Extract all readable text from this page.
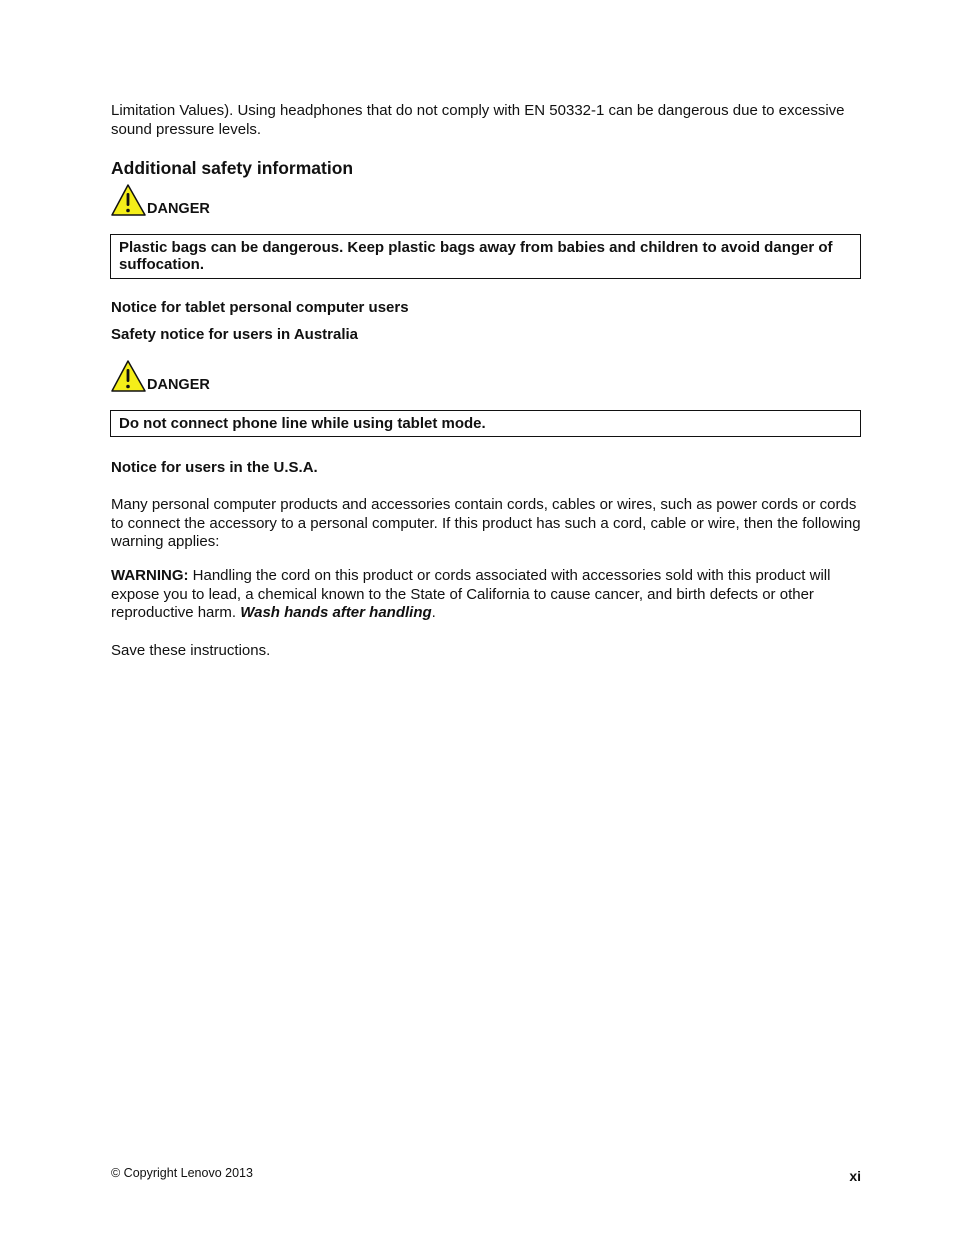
Limitation Values). Using headphones that do not comply with EN 50332-1 can be dangerous due to excessive sound pressure levels.

Additional safety information
DANGER
Plastic bags can be dangerous. Keep plastic bags away from babies and children to avoid danger of suffocation.
Notice for tablet personal computer users
Safety notice for users in Australia
DANGER
Do not connect phone line while using tablet mode.
Notice for users in the U.S.A.

Many personal computer products and accessories contain cords, cables or wires, such as power cords or cords to connect the accessory to a personal computer. If this product has such a cord, cable or wire, then the following warning applies:

WARNING: Handling the cord on this product or cords associated with accessories sold with this product will expose you to lead, a chemical known to the State of California to cause cancer, and birth defects or other reproductive harm. Wash hands after handling.

Save these instructions.

© Copyright Lenovo 2013	xi
